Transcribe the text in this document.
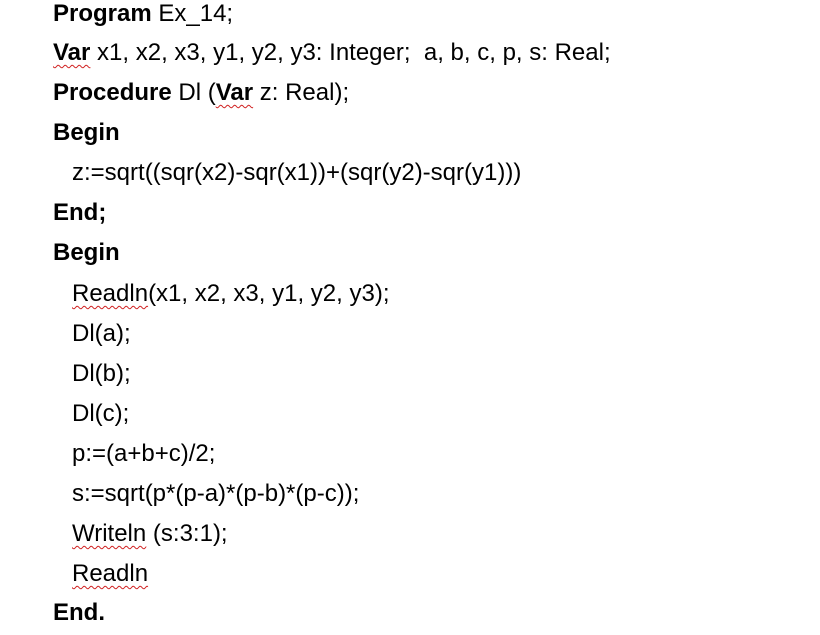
Program Ex_14;
Var x1, x2, x3, y1, y2, y3: Integer;  a, b, c, p, s: Real;
Procedure Dl (Var z: Real);
Begin
z:=sqrt((sqr(x2)-sqr(x1))+(sqr(y2)-sqr(y1)))
End;
Begin
Readln(x1, x2, x3, y1, y2, y3);
Dl(a);
Dl(b);
Dl(c);
p:=(a+b+c)/2;
s:=sqrt(p*(p-a)*(p-b)*(p-c));
Writeln (s:3:1);
Readln
End.
